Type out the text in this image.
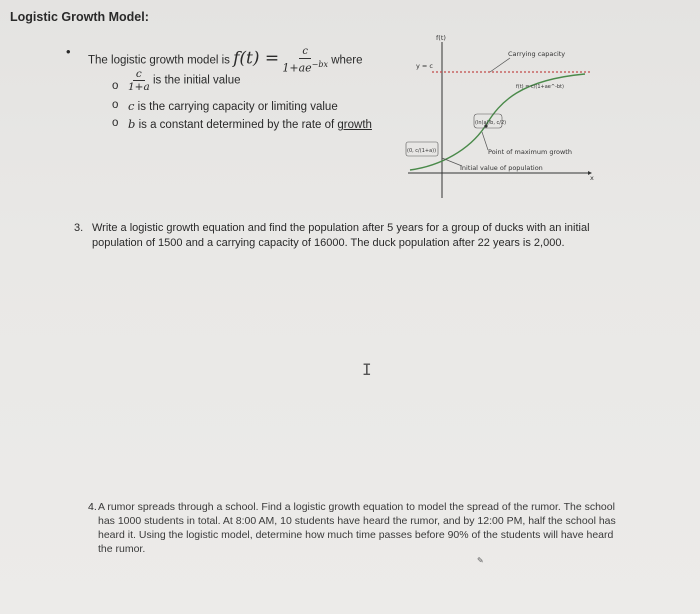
Logistic Growth Model:
•
The logistic growth model is $f(t) = \frac{c}{1+ae^{-bx}}$ where
o $\frac{c}{1+a}$ is the initial value
o c is the carrying capacity or limiting value
o b is a constant determined by the rate of growth
f(t)
y = c
Carrying capacity
f(t) = c/(1+ae^-bt)
(ln(a)/b, c/2)
(0, c/(1+a))	Point of maximum growth
Initial value of population
x
3. Write a logistic growth equation and find the population after 5 years for a group of ducks with an initial
population of 1500 and a carrying capacity of 16000. The duck population after 22 years is 2,000.
I
4. A rumor spreads through a school. Find a logistic growth equation to model the spread of the rumor. The school
has 1000 students in total. At 8:00 AM, 10 students have heard the rumor, and by 12:00 PM, half the school has
heard it. Using the logistic model, determine how much time passes before 90% of the students will have heard
the rumor.
✎
